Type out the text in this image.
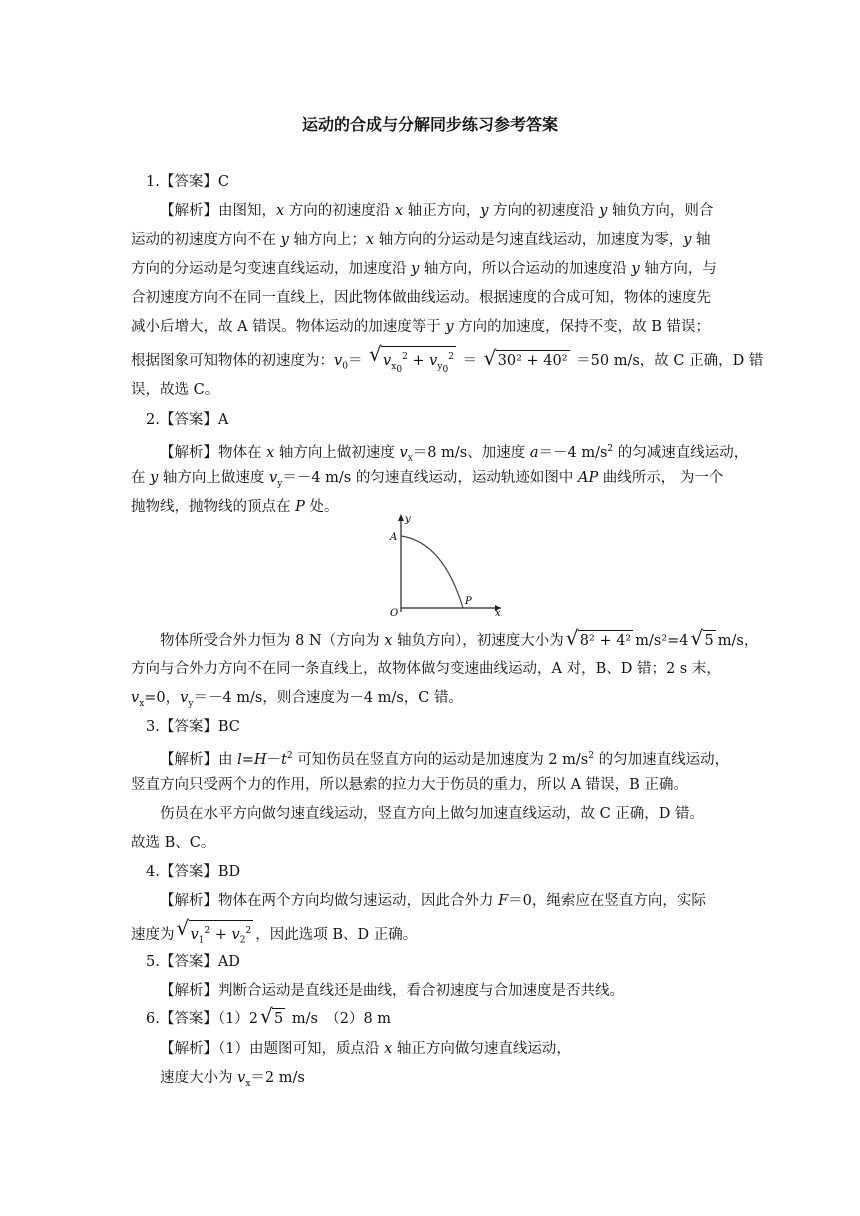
运动的合成与分解同步练习参考答案
1.【答案】C
【解析】由图知，x 方向的初速度沿 x 轴正方向，y 方向的初速度沿 y 轴负方向，则合
运动的初速度方向不在 y 轴方向上；x 轴方向的分运动是匀速直线运动，加速度为零，y 轴
方向的分运动是匀变速直线运动，加速度沿 y 轴方向，所以合运动的加速度沿 y 轴方向，与
合初速度方向不在同一直线上，因此物体做曲线运动。根据速度的合成可知，物体的速度先
减小后增大，故 A 错误。物体运动的加速度等于 y 方向的加速度，保持不变，故 B 错误；
根据图象可知物体的初速度为：$v_0=$ √ $v_{x_0}^2 + v_{y_0}^2$ ＝ √ 30² + 40² ＝50 m/s，故 C 正确，D 错
误，故选 C。
2.【答案】A
【解析】物体在 x 轴方向上做初速度 $v_x=8$ m/s、加速度 a＝－4 $m/s^2$ 的匀减速直线运动，
在 y 轴方向上做速度 $v_y=-4$ m/s 的匀速直线运动，运动轨迹如图中 AP 曲线所示， 为一个
抛物线，抛物线的顶点在 P 处。
y
A
O
P
x
物体所受合外力恒为 8 N（方向为 x 轴负方向），初速度大小为 √ 8² + 4² m/s²=4 √ 5 m/s，
方向与合外力方向不在同一条直线上，故物体做匀变速曲线运动，A 对，B、D 错；2 s 末，
$v_x=0$，$v_y=-4$ m/s，则合速度为－4 m/s，C 错。
3.【答案】BC
【解析】由 $l=H-t^2$ 可知伤员在竖直方向的运动是加速度为 2 $m/s^2$ 的匀加速直线运动，
竖直方向只受两个力的作用，所以悬索的拉力大于伤员的重力，所以 A 错误，B 正确。
伤员在水平方向做匀速直线运动，竖直方向上做匀加速直线运动，故 C 正确，D 错。
故选 B、C。
4.【答案】BD
【解析】物体在两个方向均做匀速运动，因此合外力 F＝0，绳索应在竖直方向，实际
速度为 √ $v_1^2 + v_2^2$ ，因此选项 B、D 正确。
5.【答案】AD
【解析】判断合运动是直线还是曲线，看合初速度与合加速度是否共线。
6.【答案】（1）2 √ 5 m/s　（2）8 m
【解析】（1）由题图可知，质点沿 x 轴正方向做匀速直线运动，
速度大小为 $v_x=2$ m/s
